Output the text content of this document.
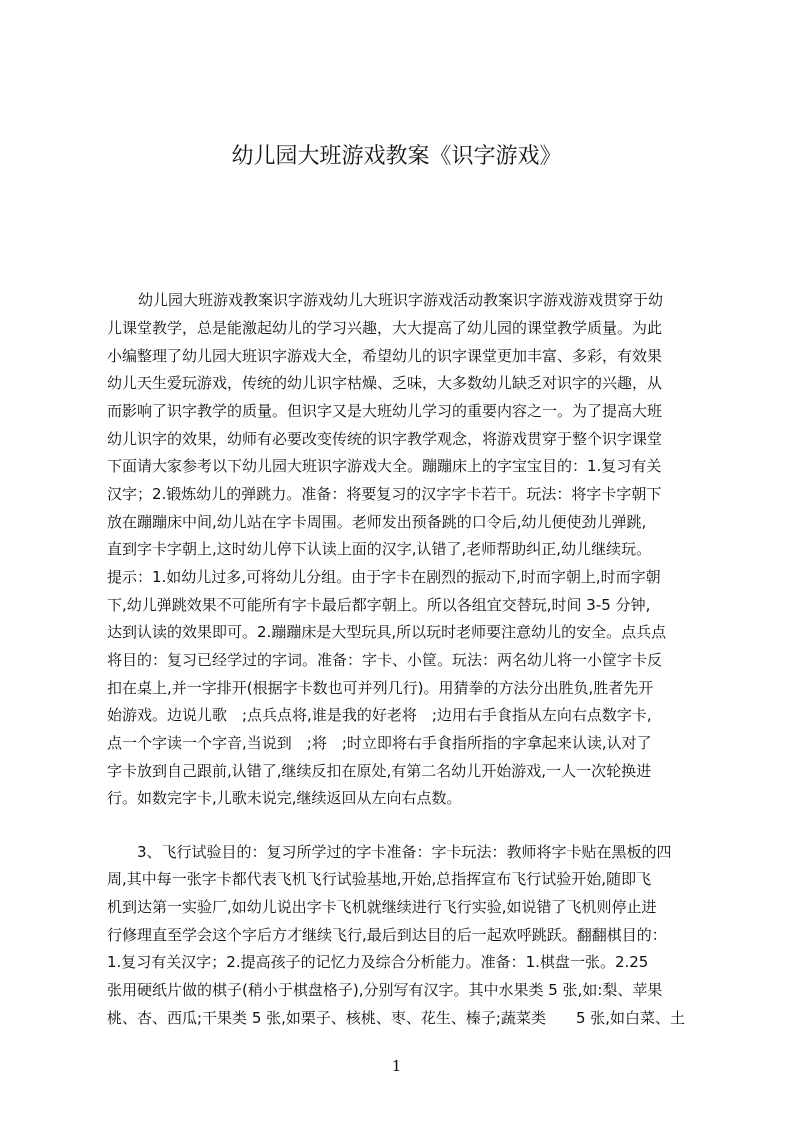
幼儿园大班游戏教案《识字游戏》
幼儿园大班游戏教案识字游戏幼儿大班识字游戏活动教案识字游戏游戏贯穿于幼
儿课堂教学，总是能激起幼儿的学习兴趣，大大提高了幼儿园的课堂教学质量。为此
小编整理了幼儿园大班识字游戏大全，希望幼儿的识字课堂更加丰富、多彩，有效果
幼儿天生爱玩游戏，传统的幼儿识字枯燥、乏味，大多数幼儿缺乏对识字的兴趣，从
而影响了识字教学的质量。但识字又是大班幼儿学习的重要内容之一。为了提高大班
幼儿识字的效果，幼师有必要改变传统的识字教学观念，将游戏贯穿于整个识字课堂
下面请大家参考以下幼儿园大班识字游戏大全。蹦蹦床上的字宝宝目的：1.复习有关
汉字；2.锻炼幼儿的弹跳力。准备：将要复习的汉字字卡若干。玩法：将字卡字朝下
放在蹦蹦床中间,幼儿站在字卡周围。老师发出预备跳的口令后,幼儿便使劲儿弹跳,
直到字卡字朝上,这时幼儿停下认读上面的汉字,认错了,老师帮助纠正,幼儿继续玩。
提示：1.如幼儿过多,可将幼儿分组。由于字卡在剧烈的振动下,时而字朝上,时而字朝
下,幼儿弹跳效果不可能所有字卡最后都字朝上。所以各组宜交替玩,时间 3-5 分钟,
达到认读的效果即可。2.蹦蹦床是大型玩具,所以玩时老师要注意幼儿的安全。点兵点
将目的：复习已经学过的字词。准备：字卡、小筐。玩法：两名幼儿将一小筐字卡反
扣在桌上,并一字排开(根据字卡数也可并列几行)。用猜拳的方法分出胜负,胜者先开
始游戏。边说儿歌　;点兵点将,谁是我的好老将　;边用右手食指从左向右点数字卡,
点一个字读一个字音,当说到　;将　;时立即将右手食指所指的字拿起来认读,认对了
字卡放到自己跟前,认错了,继续反扣在原处,有第二名幼儿开始游戏,一人一次轮换进
行。如数完字卡,儿歌未说完,继续返回从左向右点数。
　　3、飞行试验目的：复习所学过的字卡准备：字卡玩法：教师将字卡贴在黑板的四
周,其中每一张字卡都代表飞机飞行试验基地,开始,总指挥宣布飞行试验开始,随即飞
机到达第一实验厂,如幼儿说出字卡飞机就继续进行飞行实验,如说错了飞机则停止进
行修理直至学会这个字后方才继续飞行,最后到达目的后一起欢呼跳跃。翻翻棋目的：
1.复习有关汉字；2.提高孩子的记忆力及综合分析能力。准备：1.棋盘一张。2.25
张用硬纸片做的棋子(稍小于棋盘格子),分别写有汉字。其中水果类 5 张,如:梨、苹果
桃、杏、西瓜;干果类 5 张,如栗子、核桃、枣、花生、榛子;蔬菜类　　5 张,如白菜、土
1
